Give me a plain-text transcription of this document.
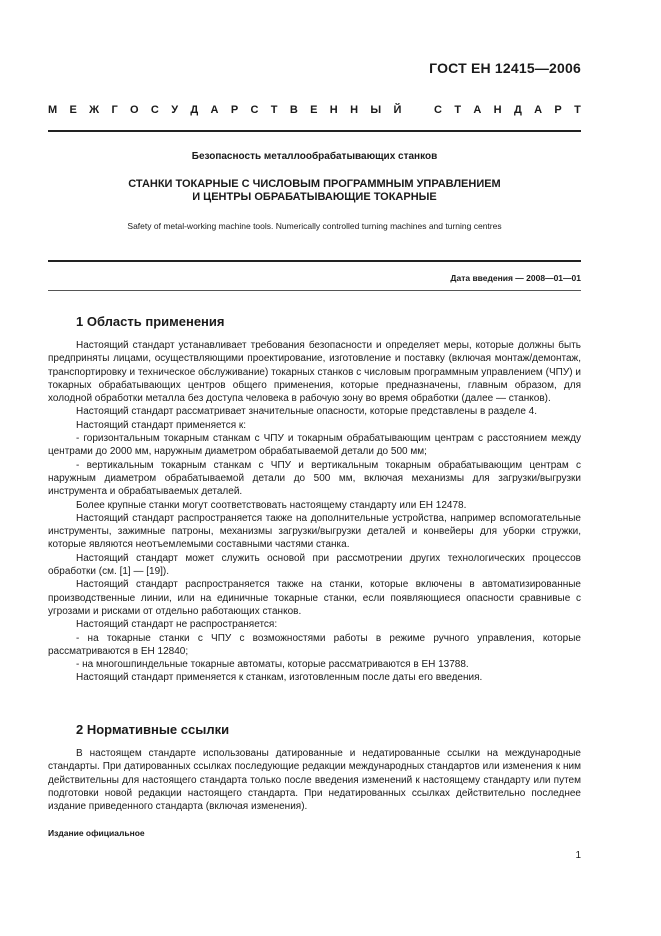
ГОСТ ЕН 12415—2006
М Е Ж Г О С У Д А Р С Т В Е Н Н Ы Й	С Т А Н Д А Р Т
Безопасность металлообрабатывающих станков
СТАНКИ ТОКАРНЫЕ С ЧИСЛОВЫМ ПРОГРАММНЫМ УПРАВЛЕНИЕМ
И ЦЕНТРЫ ОБРАБАТЫВАЮЩИЕ ТОКАРНЫЕ
Safety of metal-working machine tools. Numerically controlled turning machines and turning centres
Дата введения — 2008—01—01
1 Область применения

Настоящий стандарт устанавливает требования безопасности и определяет меры, которые должны быть предприняты лицами, осуществляющими проектирование, изготовление и поставку (включая монтаж/демонтаж, транспортировку и техническое обслуживание) токарных станков с числовым программным управлением (ЧПУ) и токарных обрабатывающих центров общего применения, которые предназначены, главным образом, для холодной обработки металла без доступа человека в рабочую зону во время обработки (далее — станков).

Настоящий стандарт рассматривает значительные опасности, которые представлены в разделе 4.

Настоящий стандарт применяется к:

- горизонтальным токарным станкам с ЧПУ и токарным обрабатывающим центрам с расстоянием между центрами до 2000 мм, наружным диаметром обрабатываемой детали до 500 мм;

- вертикальным токарным станкам с ЧПУ и вертикальным токарным обрабатывающим центрам с наружным диаметром обрабатываемой детали до 500 мм, включая механизмы для загрузки/выгрузки инструмента и обрабатываемых деталей.

Более крупные станки могут соответствовать настоящему стандарту или ЕН 12478.

Настоящий стандарт распространяется также на дополнительные устройства, например вспомогательные инструменты, зажимные патроны, механизмы загрузки/выгрузки деталей и конвейеры для уборки стружки, которые являются неотъемлемыми составными частями станка.

Настоящий стандарт может служить основой при рассмотрении других технологических процессов обработки (см. [1] — [19]).

Настоящий стандарт распространяется также на станки, которые включены в автоматизированные производственные линии, или на единичные токарные станки, если появляющиеся опасности сравнивые с угрозами и рисками от отдельно работающих станков.

Настоящий стандарт не распространяется:

- на токарные станки с ЧПУ с возможностями работы в режиме ручного управления, которые рассматриваются в ЕН 12840;

- на многошпиндельные токарные автоматы, которые рассматриваются в ЕН 13788.

Настоящий стандарт применяется к станкам, изготовленным после даты его введения.

2 Нормативные ссылки

В настоящем стандарте использованы датированные и недатированные ссылки на международные стандарты. При датированных ссылках последующие редакции международных стандартов или изменения к ним действительны для настоящего стандарта только после введения изменений к настоящему стандарту или путем подготовки новой редакции настоящего стандарта. При недатированных ссылках действительно последнее издание приведенного стандарта (включая изменения).

Издание официальное
1
